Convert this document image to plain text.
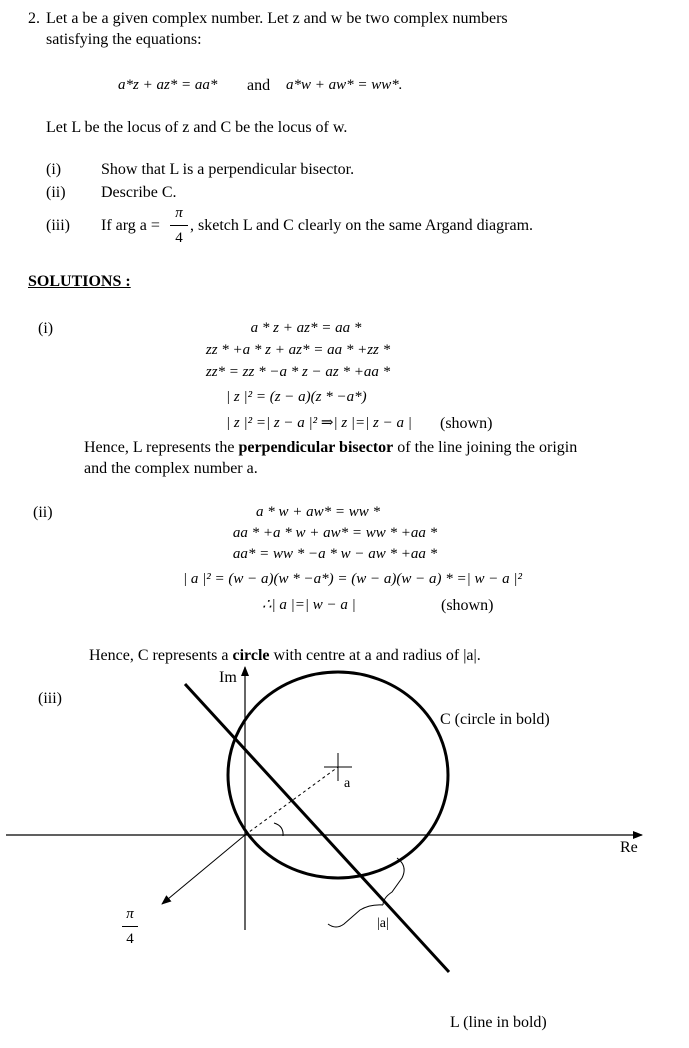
2. Let a be a given complex number. Let z and w be two complex numbers
satisfying the equations:
a*z + az* = aa* and a*w + aw* = ww*.
Let L be the locus of z and C be the locus of w.
(i) Show that L is a perpendicular bisector.
(ii) Describe C.
(iii) If arg a =
π
4
, sketch L and C clearly on the same Argand diagram.
SOLUTIONS :
(i)	a * z + az* = aa *
zz * +a * z + az* = aa * +zz *
zz* = zz * −a * z − az * +aa *
| z |² = (z − a)(z * −a*)
| z |² =| z − a |² ⇒| z |=| z − a | (shown)
Hence, L represents the perpendicular bisector of the line joining the origin
and the complex number a.
(ii)	a * w + aw* = ww *
aa * +a * w + aw* = ww * +aa *
aa* = ww * −a * w − aw * +aa *
| a |² = (w − a)(w * −a*) = (w − a)(w − a) * =| w − a |²
∴| a |=| w − a |	(shown)
Hence, C represents a circle with centre at a and radius of |a|.
(iii)
Im
Re
C (circle in bold)
a
π
4
|a|
L (line in bold)
